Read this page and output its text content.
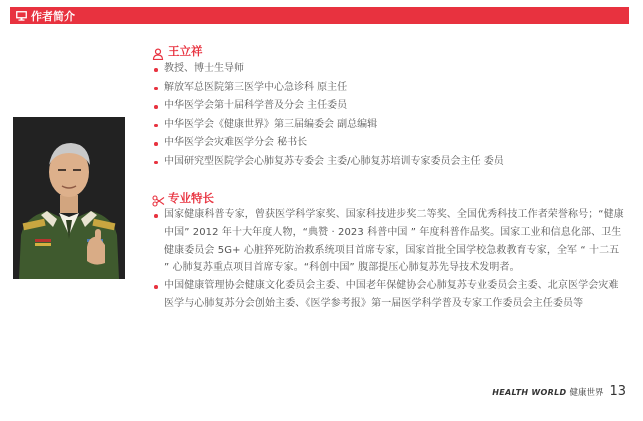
作者简介
王立祥
教授、博士生导师
解放军总医院第三医学中心急诊科 原主任
中华医学会第十届科学普及分会 主任委员
中华医学会《健康世界》第三届编委会 副总编辑
中华医学会灾难医学分会 秘书长
中国研究型医院学会心肺复苏专委会 主委/心肺复苏培训专家委员会主任 委员
专业特长
国家健康科普专家，曾获医学科学家奖、国家科技进步奖二等奖、全国优秀科技工作者荣誉称号；“健康中国” 2012 年十大年度人物，“典赞 · 2023 科普中国 ” 年度科普作品奖。国家工业和信息化部、卫生健康委员会 5G+ 心脏猝死防治救系统项目首席专家，国家首批全国学校急救教育专家，全军 “ 十二五 ” 心肺复苏重点项目首席专家。“科创中国” 腹部提压心肺复苏先导技术发明者。
中国健康管理协会健康文化委员会主委、中国老年保健协会心肺复苏专业委员会主委、北京医学会灾难医学与心肺复苏分会创始主委、《医学参考报》第一届医学科学普及专家工作委员会主任委员等
HEALTH WORLD 健康世界 13
